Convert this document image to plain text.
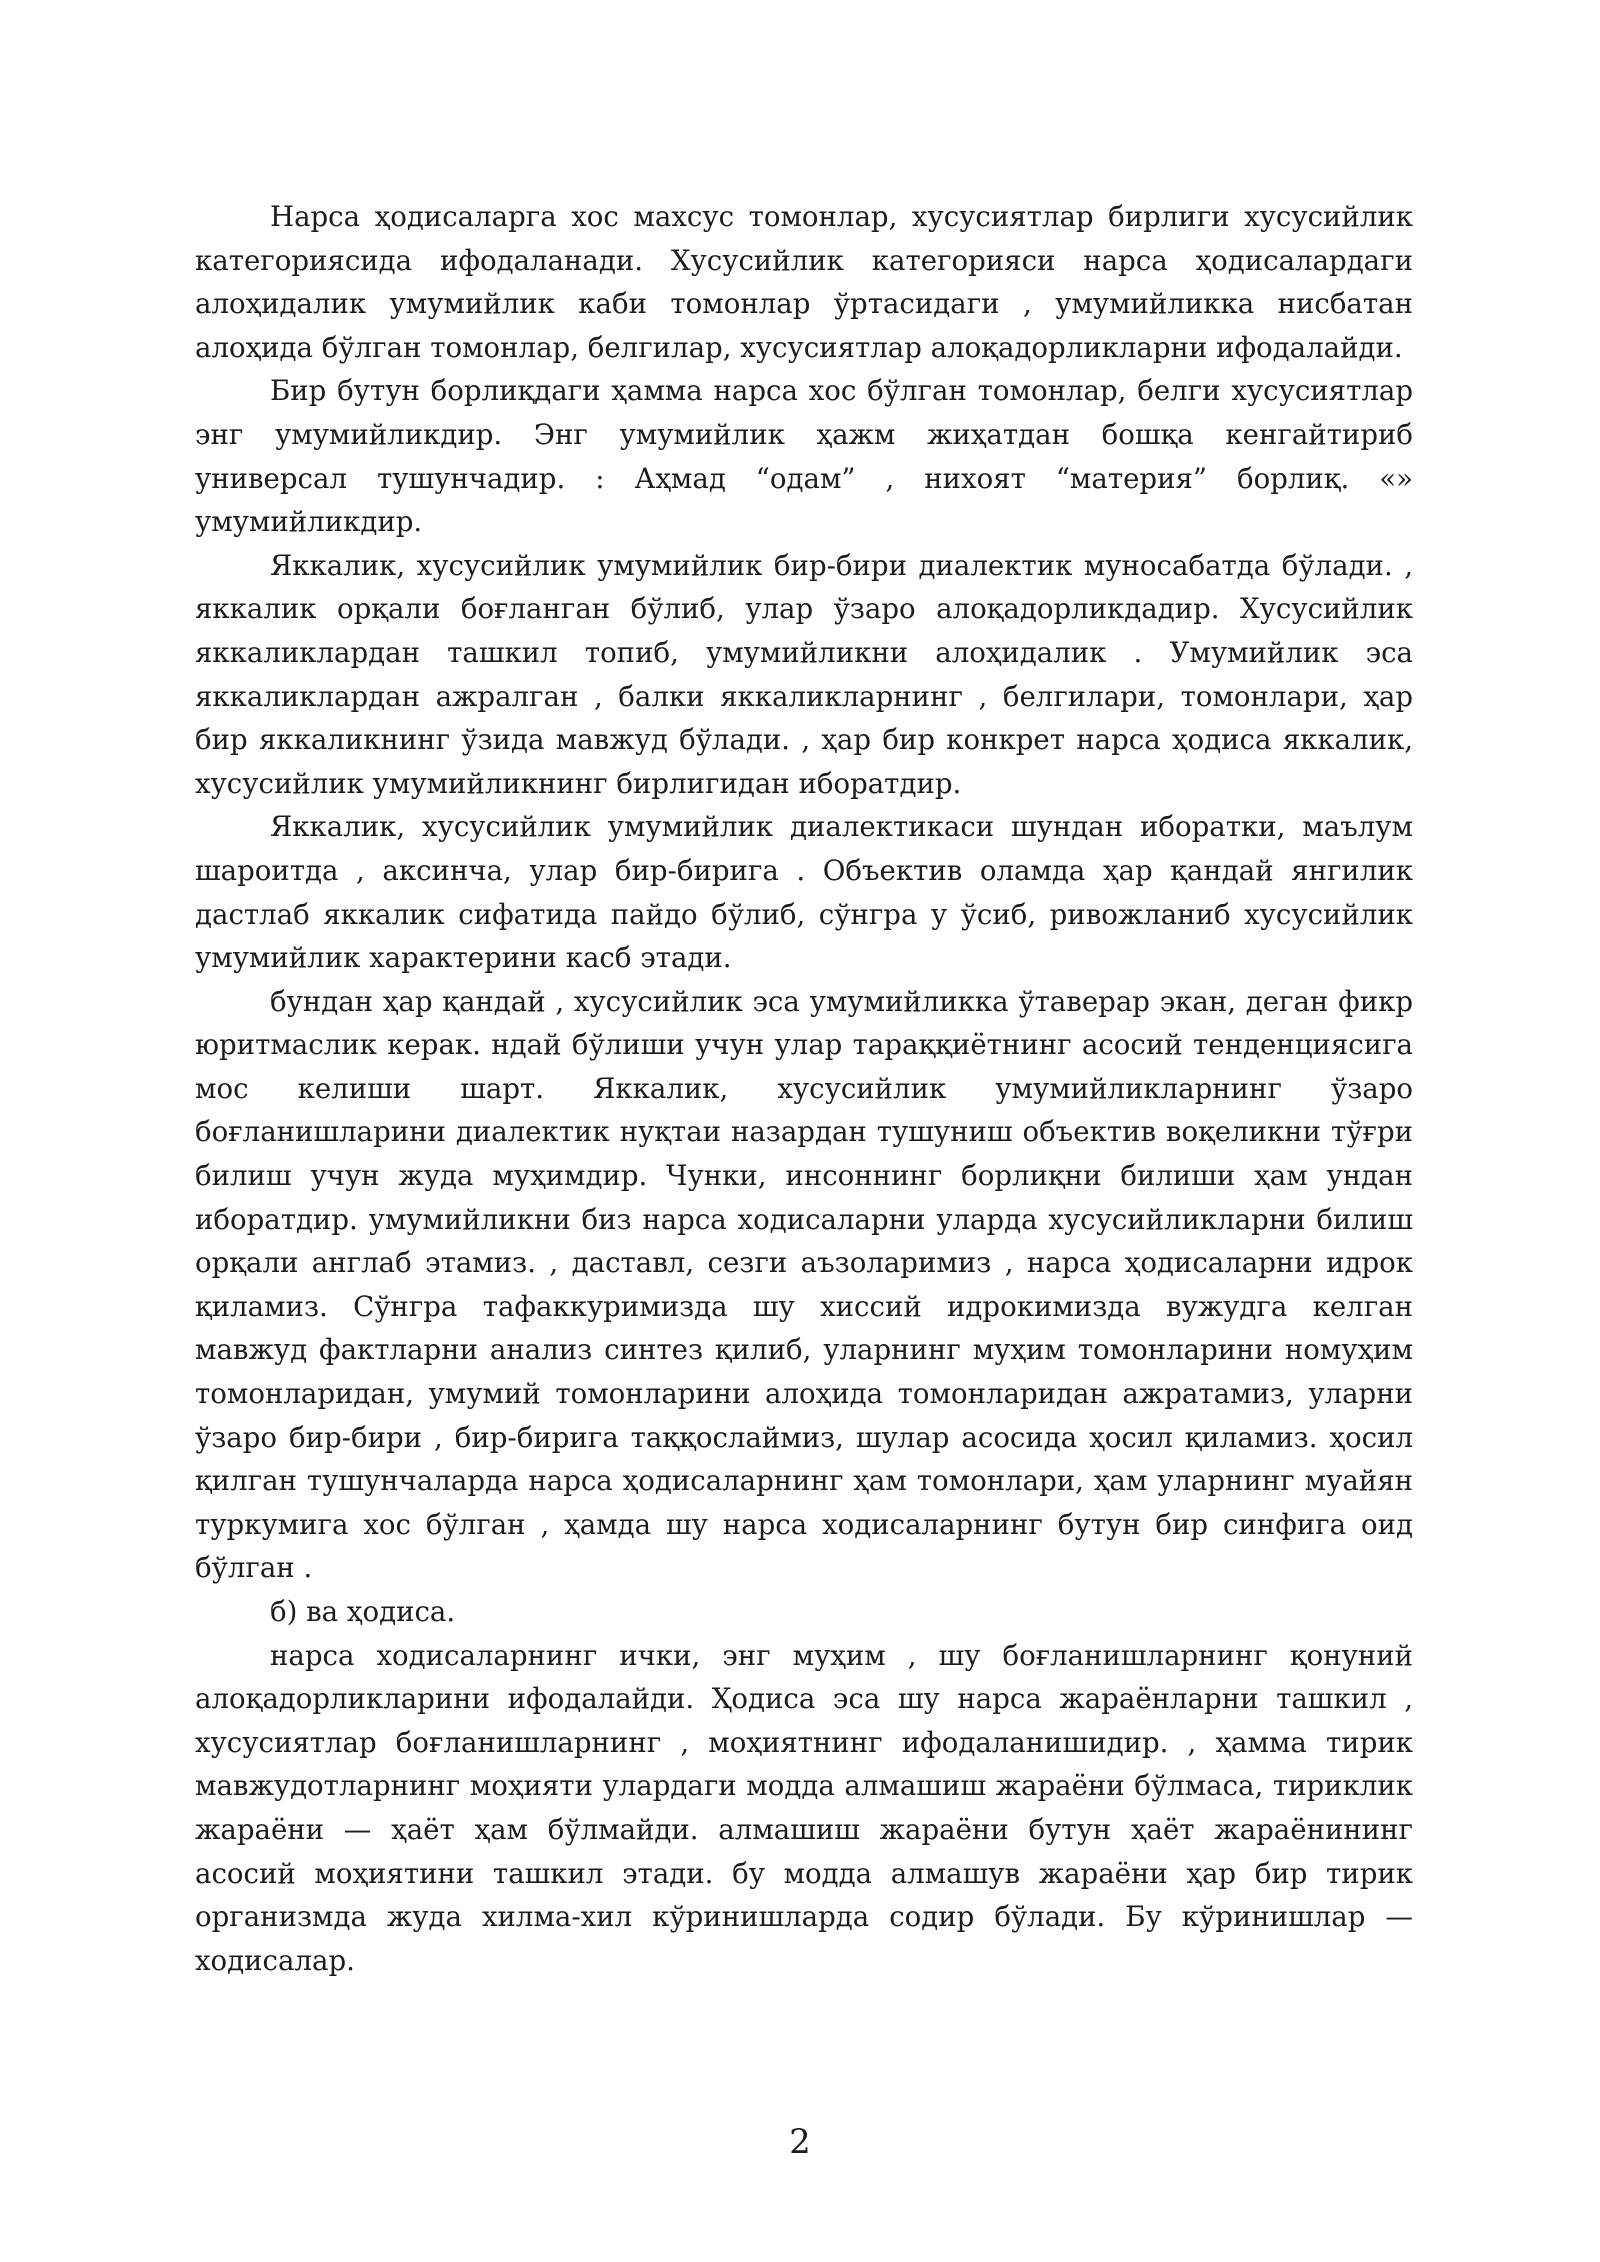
Нарса ҳодисаларга хос махсус томонлар, хусусиятлар бирлиги хусусийлик категориясида ифодаланади. Хусусийлик категорияси нарса ҳодисалардаги алоҳидалик умумийлик каби томонлар ўртасидаги , умумийликка нисбатан алоҳида бўлган томонлар, белгилар, хусусиятлар алоқадорликларни ифодалайди.

Бир бутун борлиқдаги ҳамма нарса хос бўлган томонлар, белги хусусиятлар энг умумийликдир. Энг умумийлик ҳажм жиҳатдан бошқа кенгайтириб универсал тушунчадир. : Аҳмад “одам” , нихоят “материя” борлиқ. «» умумийликдир.

Яккалик, хусусийлик умумийлик бир-бири диалектик муносабатда бўлади. , яккалик орқали боғланган бўлиб, улар ўзаро алоқадорликдадир. Хусусийлик яккаликлардан ташкил топиб, умумийликни алоҳидалик . Умумийлик эса яккаликлардан ажралган , балки яккаликларнинг , белгилари, томонлари, ҳар бир яккаликнинг ўзида мавжуд бўлади. , ҳар бир конкрет нарса ҳодиса яккалик, хусусийлик умумийликнинг бирлигидан иборатдир.

Яккалик, хусусийлик умумийлик диалектикаси шундан иборатки, маълум шароитда , аксинча, улар бир-бирига . Объектив оламда ҳар қандай янгилик дастлаб яккалик сифатида пайдо бўлиб, сўнгра у ўсиб, ривожланиб хусусийлик умумийлик характерини касб этади.

бундан ҳар қандай , хусусийлик эса умумийликка ўтаверар экан, деган фикр юритмаслик керак. ндай бўлиши учун улар тараққиётнинг асосий тенденциясига мос келиши шарт. Яккалик, хусусийлик умумийликларнинг ўзаро боғланишларини диалектик нуқтаи назардан тушуниш объектив воқеликни тўғри билиш учун жуда муҳимдир. Чунки, инсоннинг борлиқни билиши ҳам ундан иборатдир. умумийликни биз нарса ходисаларни уларда хусусийликларни билиш орқали англаб этамиз. , даставл, сезги аъзоларимиз , нарса ҳодисаларни идрок қиламиз. Сўнгра тафаккуримизда шу хиссий идрокимизда вужудга келган мавжуд фактларни анализ синтез қилиб, уларнинг муҳим томонларини номуҳим томонларидан, умумий томонларини алоҳида томонларидан ажратамиз, уларни ўзаро бир-бири , бир-бирига таққослаймиз, шулар асосида ҳосил қиламиз. ҳосил қилган тушунчаларда нарса ҳодисаларнинг ҳам томонлари, ҳам уларнинг муайян туркумига хос бўлган , ҳамда шу нарса ходисаларнинг бутун бир синфига оид бўлган .

б) ва ҳодиса.

нарса ходисаларнинг ички, энг муҳим , шу боғланишларнинг қонуний алоқадорликларини ифодалайди. Ҳодиса эса шу нарса жараёнларни ташкил , хусусиятлар боғланишларнинг , моҳиятнинг ифодаланишидир. , ҳамма тирик мавжудотларнинг моҳияти улардаги модда алмашиш жараёни бўлмаса, тириклик жараёни — ҳаёт ҳам бўлмайди. алмашиш жараёни бутун ҳаёт жараёнининг асосий моҳиятини ташкил этади. бу модда алмашув жараёни ҳар бир тирик организмда жуда хилма-хил кўринишларда содир бўлади. Бу кўринишлар — ходисалар.

2
